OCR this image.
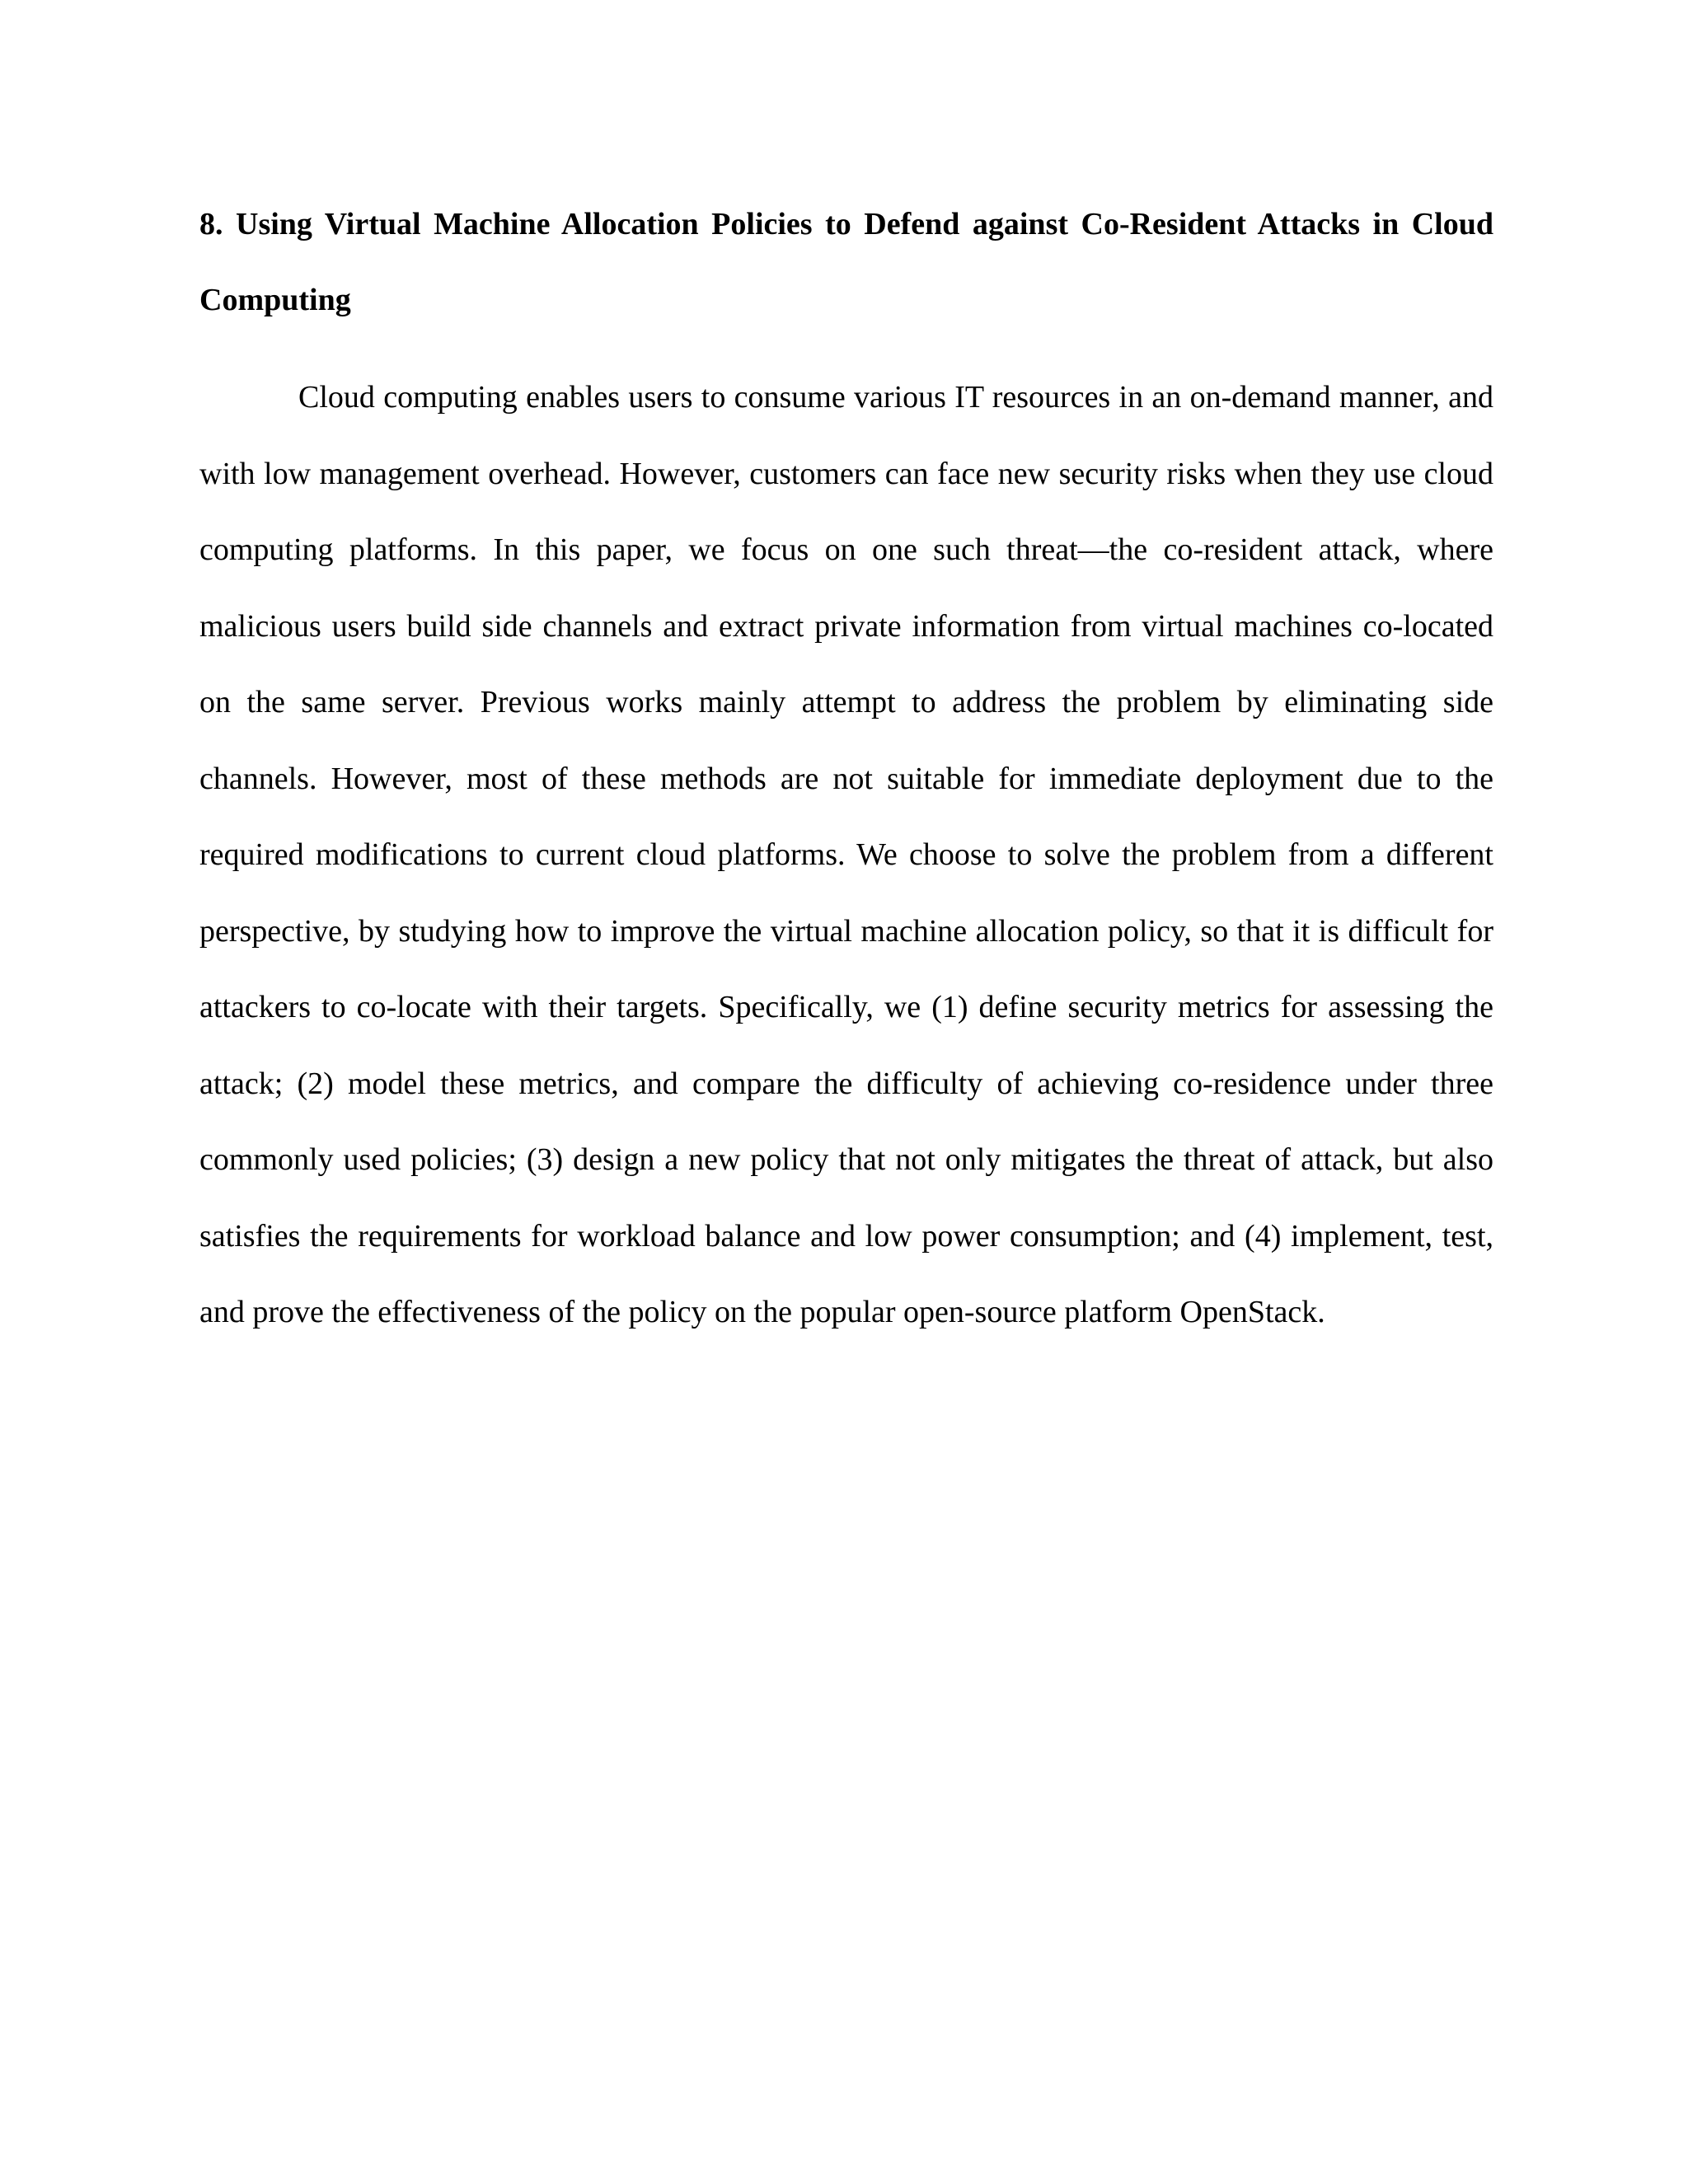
8. Using Virtual Machine Allocation Policies to Defend against Co-Resident Attacks in Cloud Computing

Cloud computing enables users to consume various IT resources in an on-demand manner, and with low management overhead. However, customers can face new security risks when they use cloud computing platforms. In this paper, we focus on one such threat—the co-resident attack, where malicious users build side channels and extract private information from virtual machines co-located on the same server. Previous works mainly attempt to address the problem by eliminating side channels. However, most of these methods are not suitable for immediate deployment due to the required modifications to current cloud platforms. We choose to solve the problem from a different perspective, by studying how to improve the virtual machine allocation policy, so that it is difficult for attackers to co-locate with their targets. Specifically, we (1) define security metrics for assessing the attack; (2) model these metrics, and compare the difficulty of achieving co-residence under three commonly used policies; (3) design a new policy that not only mitigates the threat of attack, but also satisfies the requirements for workload balance and low power consumption; and (4) implement, test, and prove the effectiveness of the policy on the popular open-source platform OpenStack.
